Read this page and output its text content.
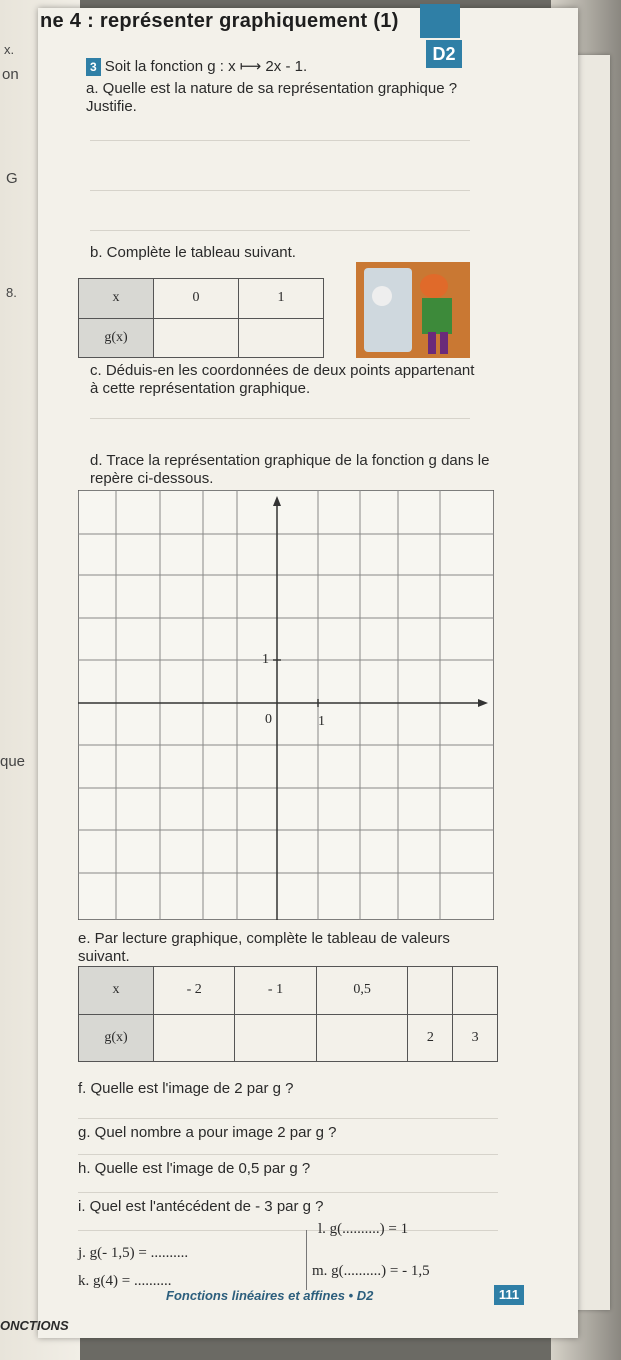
x.
on
G
8.
que
ne 4 : représenter graphiquement (1)
D2
3 Soit la fonction g : x ⟼ 2x - 1.
a. Quelle est la nature de sa représentation graphique ? Justifie.
b. Complète le tableau suivant.
x	0	1
g(x)		
c. Déduis-en les coordonnées de deux points appartenant à cette représentation graphique.
d. Trace la représentation graphique de la fonction g dans le repère ci-dessous.
1
0	1
e. Par lecture graphique, complète le tableau de valeurs suivant.
x	- 2	- 1	0,5		
g(x)				2	3
f. Quelle est l'image de 2 par g ?
g. Quel nombre a pour image 2 par g ?
h. Quelle est l'image de 0,5 par g ?
i. Quel est l'antécédent de - 3 par g ?
j. g(- 1,5) = ..........
k. g(4) = ..........
l. g(..........) = 1
m. g(..........) = - 1,5
Fonctions linéaires et affines • D2	111
ONCTIONS
